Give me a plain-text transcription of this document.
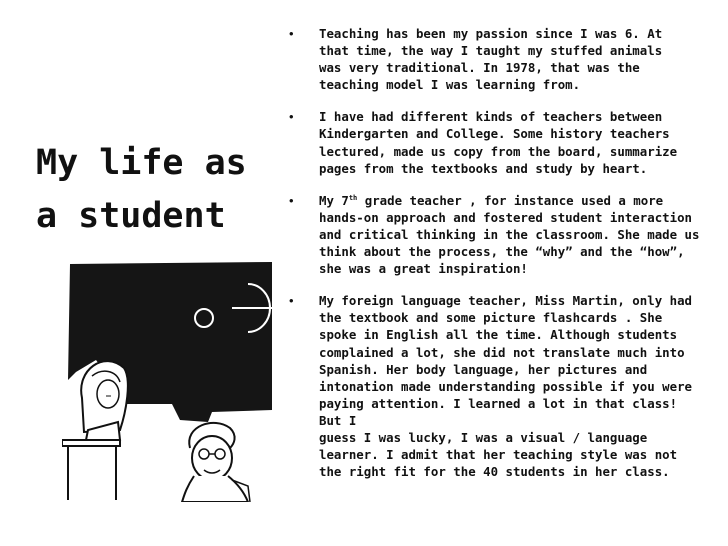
My life as
a student
• Teaching has been my passion since I was 6. At
that time, the way I taught my stuffed animals
was very traditional. In 1978, that was the
teaching model I was learning from.
• I have had different kinds of teachers between
Kindergarten and College. Some history teachers
lectured, made us copy from the board, summarize
pages from the textbooks and study by heart.
• My 7th grade teacher , for instance used a more
hands-on approach and fostered student interaction
and critical thinking in the classroom. She made us
think about the process, the “why” and the “how”,
she was a great inspiration!
• My foreign language teacher, Miss Martin, only had
the textbook and some picture flashcards . She
spoke in English all the time. Although students
complained a lot, she did not translate much into
Spanish. Her body language, her pictures and
intonation made understanding possible if you were
paying attention. I learned a lot in that class! But I
guess I was lucky, I was a visual / language
learner. I admit that her teaching style was not
the right fit for the 40 students in her class.
